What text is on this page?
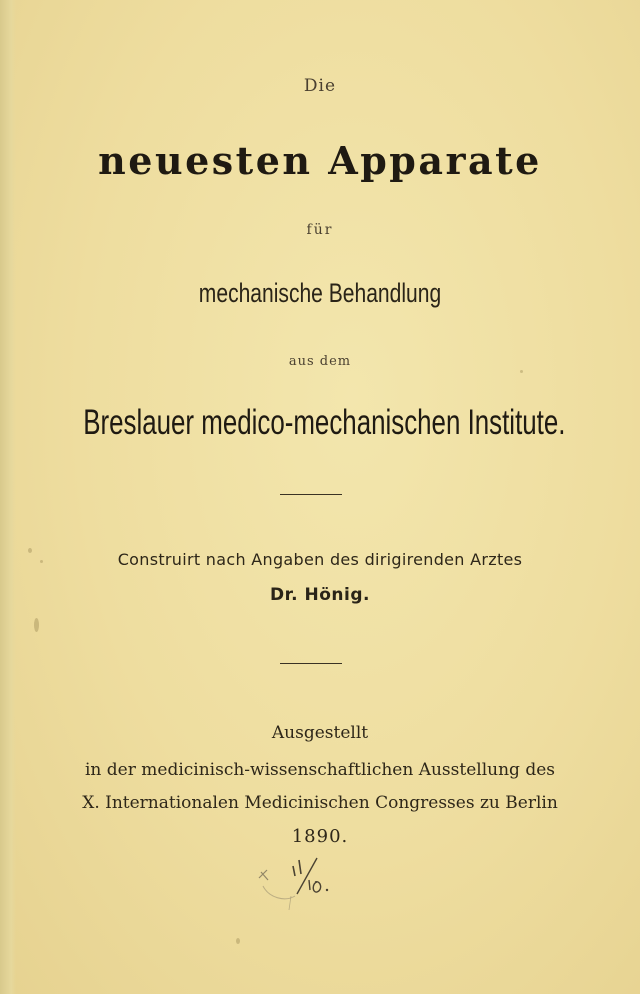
Die
neuesten Apparate
für
mechanische Behandlung
aus dem
Breslauer medico-mechanischen Institute.
Construirt nach Angaben des dirigirenden Arztes
Dr. Hönig.
Ausgestellt
in der medicinisch-wissenschaftlichen Ausstellung des
X. Internationalen Medicinischen Congresses zu Berlin
1890.
